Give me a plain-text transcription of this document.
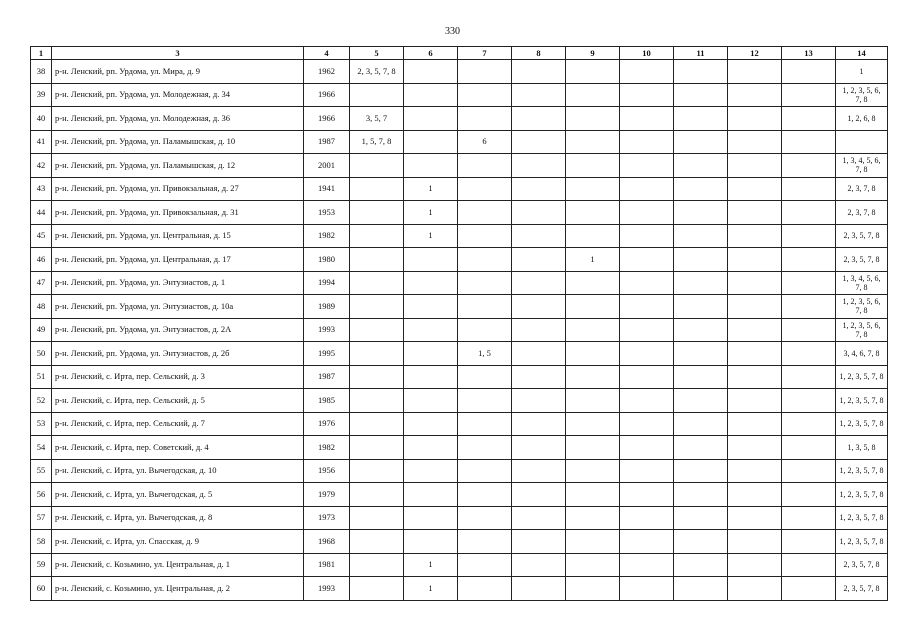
330
1	3	4	5	6	7	8	9	10	11	12	13	14
38	р-н. Ленский, рп. Урдома, ул. Мира, д. 9	1962	2, 3, 5, 7, 8									1
39	р-н. Ленский, рп. Урдома, ул. Молодежная, д. 34	1966										1, 2, 3, 5, 6, 7, 8
40	р-н. Ленский, рп. Урдома, ул. Молодежная, д. 36	1966	3, 5, 7									1, 2, 6, 8
41	р-н. Ленский, рп. Урдома, ул. Паламышская, д. 10	1987	1, 5, 7, 8		6							
42	р-н. Ленский, рп. Урдома, ул. Паламышская, д. 12	2001										1, 3, 4, 5, 6, 7, 8
43	р-н. Ленский, рп. Урдома, ул. Привокзальная, д. 27	1941		1								2, 3, 7, 8
44	р-н. Ленский, рп. Урдома, ул. Привокзальная, д. 31	1953		1								2, 3, 7, 8
45	р-н. Ленский, рп. Урдома, ул. Центральная, д. 15	1982		1								2, 3, 5, 7, 8
46	р-н. Ленский, рп. Урдома, ул. Центральная, д. 17	1980					1					2, 3, 5, 7, 8
47	р-н. Ленский, рп. Урдома, ул. Энтузиастов, д. 1	1994										1, 3, 4, 5, 6, 7, 8
48	р-н. Ленский, рп. Урдома, ул. Энтузиастов, д. 10а	1989										1, 2, 3, 5, 6, 7, 8
49	р-н. Ленский, рп. Урдома, ул. Энтузиастов, д. 2А	1993										1, 2, 3, 5, 6, 7, 8
50	р-н. Ленский, рп. Урдома, ул. Энтузиастов, д. 2б	1995			1, 5							3, 4, 6, 7, 8
51	р-н. Ленский, с. Ирта, пер. Сельский, д. 3	1987										1, 2, 3, 5, 7, 8
52	р-н. Ленский, с. Ирта, пер. Сельский, д. 5	1985										1, 2, 3, 5, 7, 8
53	р-н. Ленский, с. Ирта, пер. Сельский, д. 7	1976										1, 2, 3, 5, 7, 8
54	р-н. Ленский, с. Ирта, пер. Советский, д. 4	1982										1, 3, 5, 8
55	р-н. Ленский, с. Ирта, ул. Вычегодская, д. 10	1956										1, 2, 3, 5, 7, 8
56	р-н. Ленский, с. Ирта, ул. Вычегодская, д. 5	1979										1, 2, 3, 5, 7, 8
57	р-н. Ленский, с. Ирта, ул. Вычегодская, д. 8	1973										1, 2, 3, 5, 7, 8
58	р-н. Ленский, с. Ирта, ул. Спасская, д. 9	1968										1, 2, 3, 5, 7, 8
59	р-н. Ленский, с. Козьмино, ул. Центральная, д. 1	1981		1								2, 3, 5, 7, 8
60	р-н. Ленский, с. Козьмино, ул. Центральная, д. 2	1993		1								2, 3, 5, 7, 8
